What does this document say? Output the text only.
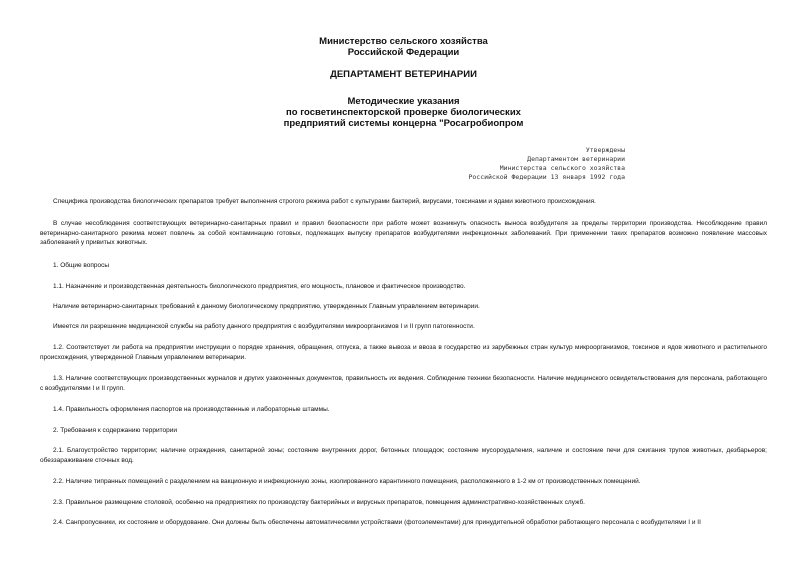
Министерство сельского хозяйства
Российской Федерации
ДЕПАРТАМЕНТ ВЕТЕРИНАРИИ
Методические указания
по госветинспекторской проверке биологических
предприятий системы концерна "Росагробиопром
Утверждены
Департаментом ветеринарии
Министерства сельского хозяйства
Российской Федерации 13 января 1992 года
Специфика производства биологических препаратов требует выполнения строгого режима работ с культурами бактерий, вирусами, токсинами и ядами животного происхождения.
В случае несоблюдения соответствующих ветеринарно-санитарных правил и правил безопасности при работе может возникнуть опасность выноса возбудителя за пределы территории производства. Несоблюдение правил ветеринарно-санитарного режима может повлечь за собой контаминацию готовых, подлежащих выпуску препаратов возбудителями инфекционных заболеваний. При применении таких препаратов возможно появление массовых заболеваний у привитых животных.
1. Общие вопросы
1.1. Назначение и производственная деятельность биологического предприятия, его мощность, плановое и фактическое производство.
Наличие ветеринарно-санитарных требований к данному биологическому предприятию, утвержденных Главным управлением ветеринарии.
Имеется ли разрешение медицинской службы на работу данного предприятия с возбудителями микроорганизмов I и II групп патогенности.
1.2. Соответствует ли работа на предприятии инструкции о порядке хранения, обращения, отпуска, а также вывоза и ввоза в государство из зарубежных стран культур микроорганизмов, токсинов и ядов животного и растительного происхождения, утвержденной Главным управлением ветеринарии.
1.3. Наличие соответствующих производственных журналов и других узаконенных документов, правильность их ведения. Соблюдение техники безопасности. Наличие медицинского освидетельствования для персонала, работающего с возбудителями I и II групп.
1.4. Правильность оформления паспортов на производственные и лабораторные штаммы.
2. Требования к содержанию территории
2.1. Благоустройство территории; наличие ограждения, санитарной зоны; состояние внутренних дорог, бетонных площадок; состояние мусороудаления, наличие и состояние печи для сжигания трупов животных, дезбарьеров; обеззараживание сточных вод.
2.2. Наличие типранных помещений с разделением на вакционную и инфекционную зоны, изолированного карантинного помещения, расположенного в 1-2 км от производственных помещений.
2.3. Правильное размещение столовой, особенно на предприятиях по производству бактерийных и вирусных препаратов, помещения административно-хозяйственных служб.
2.4. Санпропускники, их состояние и оборудование. Они должны быть обеспечены автоматическими устройствами (фотоэлементами) для принудительной обработки работающего персонала с возбудителями I и II
